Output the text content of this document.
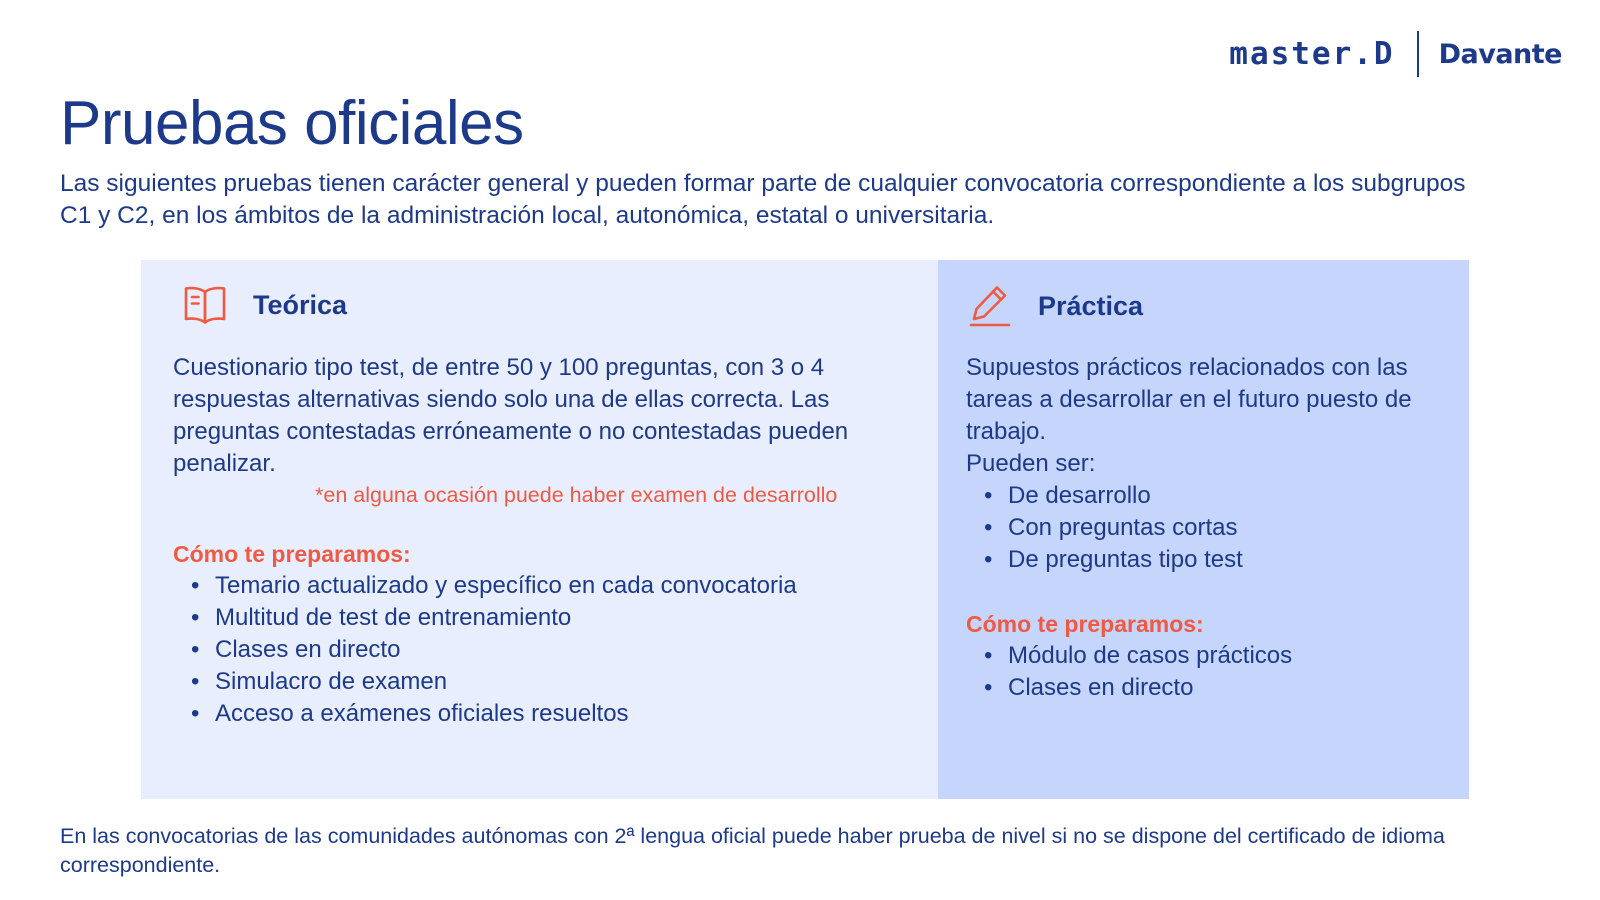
master.D Davante
Pruebas oficiales

Las siguientes pruebas tienen carácter general y pueden formar parte de cualquier convocatoria correspondiente a los subgrupos C1 y C2, en los ámbitos de la administración local, autonómica, estatal o universitaria.

Teórica

Cuestionario tipo test, de entre 50 y 100 preguntas, con 3 o 4 respuestas alternativas siendo solo una de ellas correcta. Las preguntas contestadas erróneamente o no contestadas pueden penalizar.

*en alguna ocasión puede haber examen de desarrollo

Cómo te preparamos:

• Temario actualizado y específico en cada convocatoria
• Multitud de test de entrenamiento
• Clases en directo
• Simulacro de examen
• Acceso a exámenes oficiales resueltos
Práctica

Supuestos prácticos relacionados con las tareas a desarrollar en el futuro puesto de trabajo.

Pueden ser:

• De desarrollo
• Con preguntas cortas
• De preguntas tipo test

Cómo te preparamos:

• Módulo de casos prácticos
• Clases en directo

En las convocatorias de las comunidades autónomas con 2ª lengua oficial puede haber prueba de nivel si no se dispone del certificado de idioma correspondiente.
